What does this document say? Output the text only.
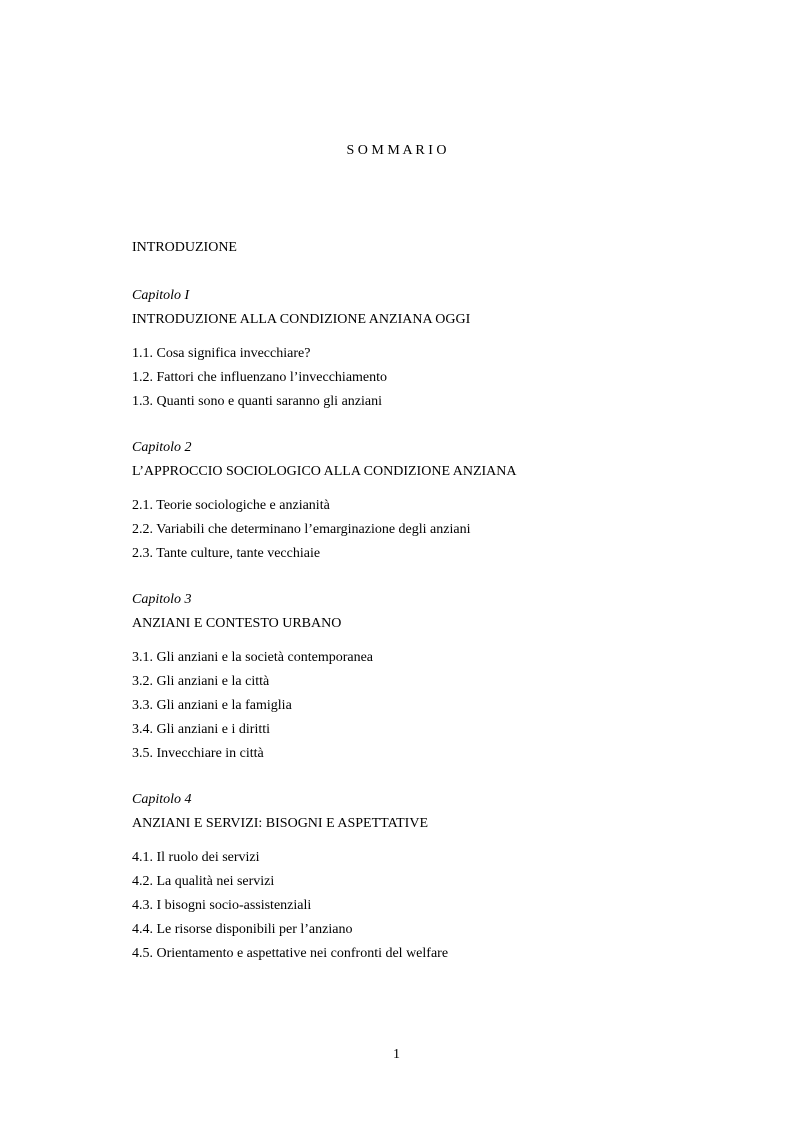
S O M M A R I O

INTRODUZIONE

Capitolo I
INTRODUZIONE ALLA CONDIZIONE ANZIANA OGGI
1.1. Cosa significa invecchiare?
1.2. Fattori che influenzano l’invecchiamento
1.3. Quanti sono e quanti saranno gli anziani
Capitolo 2
L’APPROCCIO SOCIOLOGICO ALLA CONDIZIONE ANZIANA
2.1. Teorie sociologiche e anzianità
2.2. Variabili che determinano l’emarginazione degli anziani
2.3. Tante culture, tante vecchiaie
Capitolo 3
ANZIANI E CONTESTO URBANO
3.1. Gli anziani e la società contemporanea
3.2. Gli anziani e la città
3.3. Gli anziani e la famiglia
3.4. Gli anziani e i diritti
3.5. Invecchiare in città
Capitolo 4
ANZIANI E SERVIZI: BISOGNI E ASPETTATIVE
4.1. Il ruolo dei servizi
4.2. La qualità nei servizi
4.3. I bisogni socio-assistenziali
4.4. Le risorse disponibili per l’anziano
4.5. Orientamento e aspettative nei confronti del welfare
1
